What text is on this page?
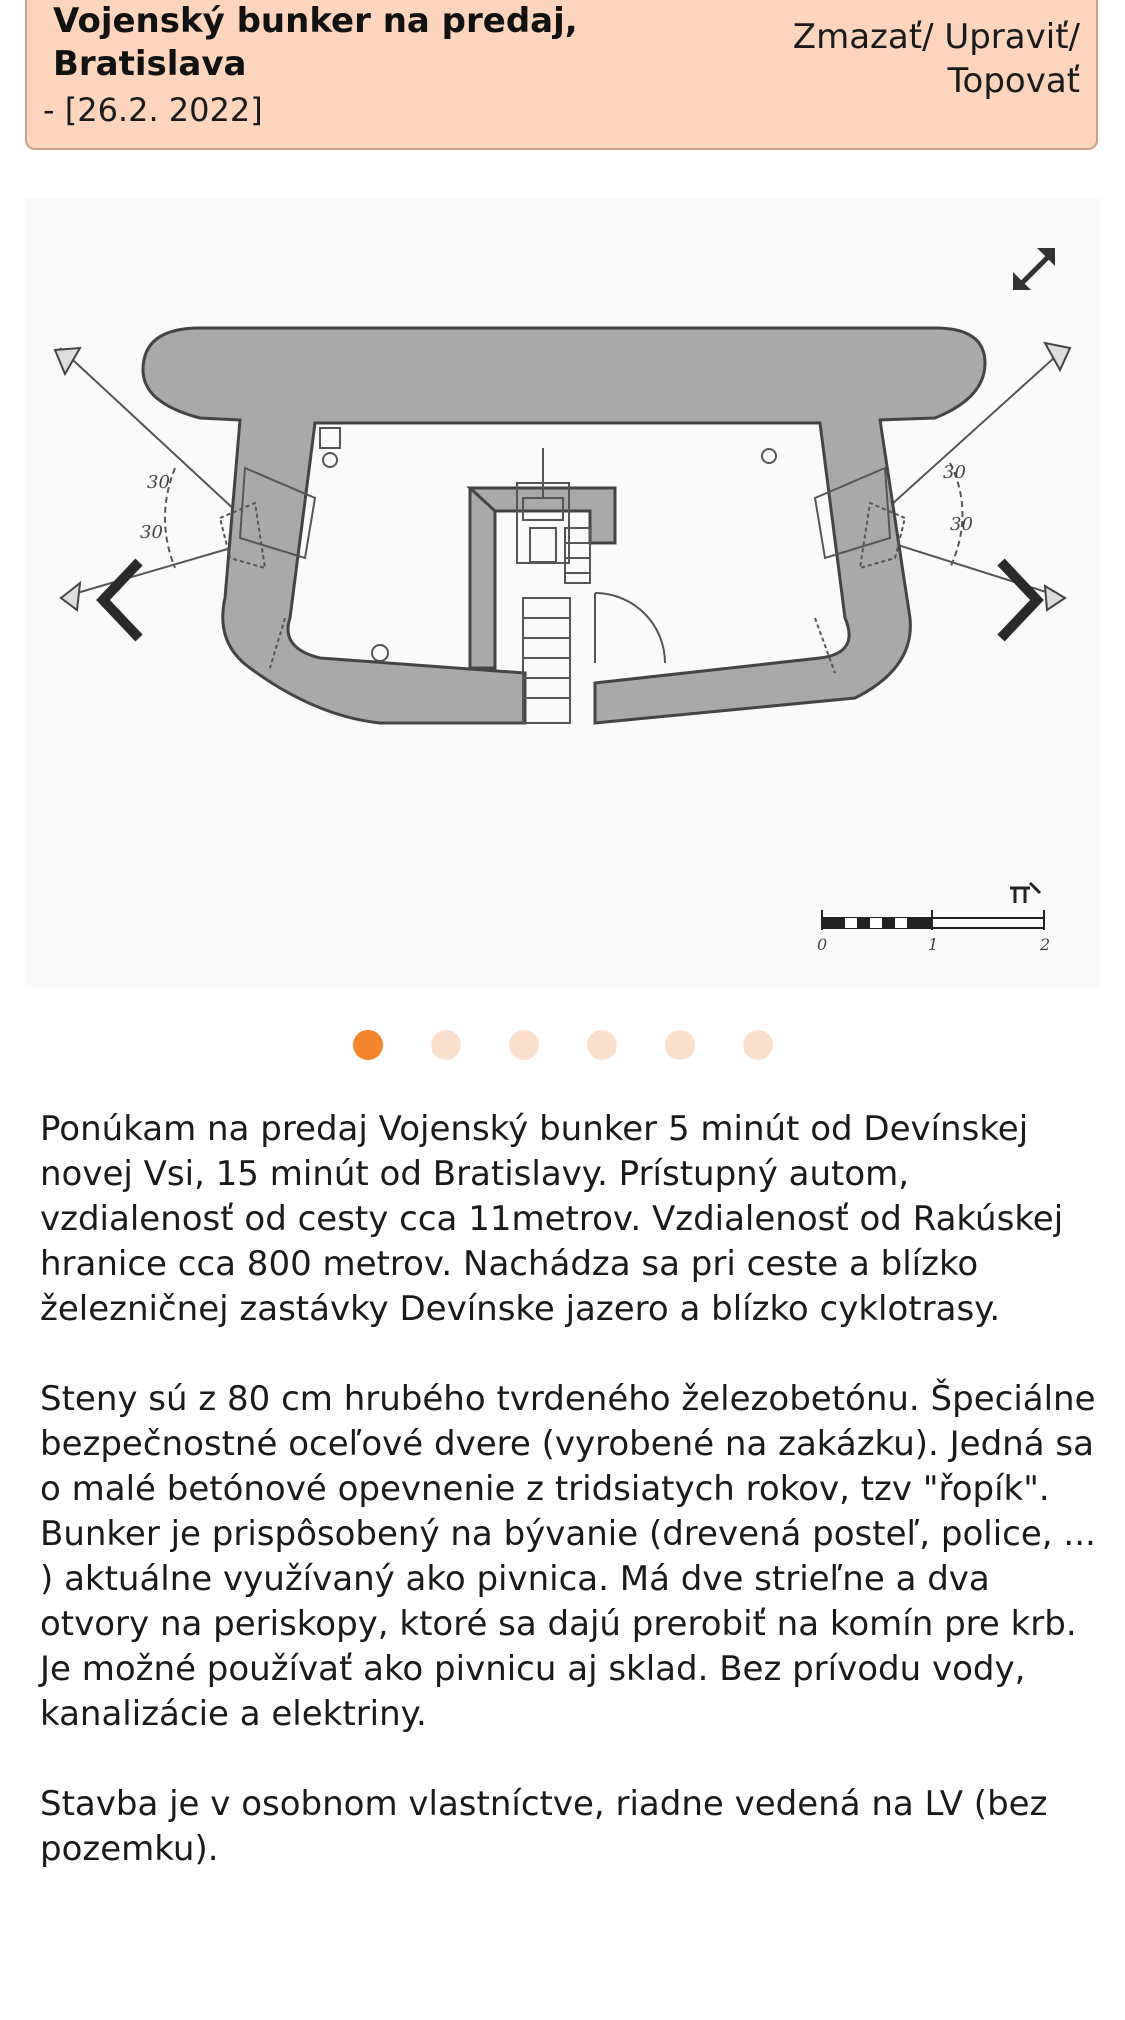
Vojenský bunker na predaj, Bratislava
- [26.2. 2022]
Zmazať/ Upraviť/
Topovať
30
30
30
30
0	1	2

Ponúkam na predaj Vojenský bunker 5 minút od Devínskej novej Vsi, 15 minút od Bratislavy. Prístupný autom, vzdialenosť od cesty cca 11metrov. Vzdialenosť od Rakúskej hranice cca 800 metrov. Nachádza sa pri ceste a blízko železničnej zastávky Devínske jazero a blízko cyklotrasy.

Steny sú z 80 cm hrubého tvrdeného železobetónu. Špeciálne bezpečnostné oceľové dvere (vyrobené na zakázku). Jedná sa o malé betónové opevnenie z tridsiatych rokov, tzv "řopík". Bunker je prispôsobený na bývanie (drevená posteľ, police, ... ) aktuálne využívaný ako pivnica. Má dve strieľne a dva otvory na periskopy, ktoré sa dajú prerobiť na komín pre krb. Je možné používať ako pivnicu aj sklad. Bez prívodu vody, kanalizácie a elektriny.

Stavba je v osobnom vlastníctve, riadne vedená na LV (bez pozemku).
